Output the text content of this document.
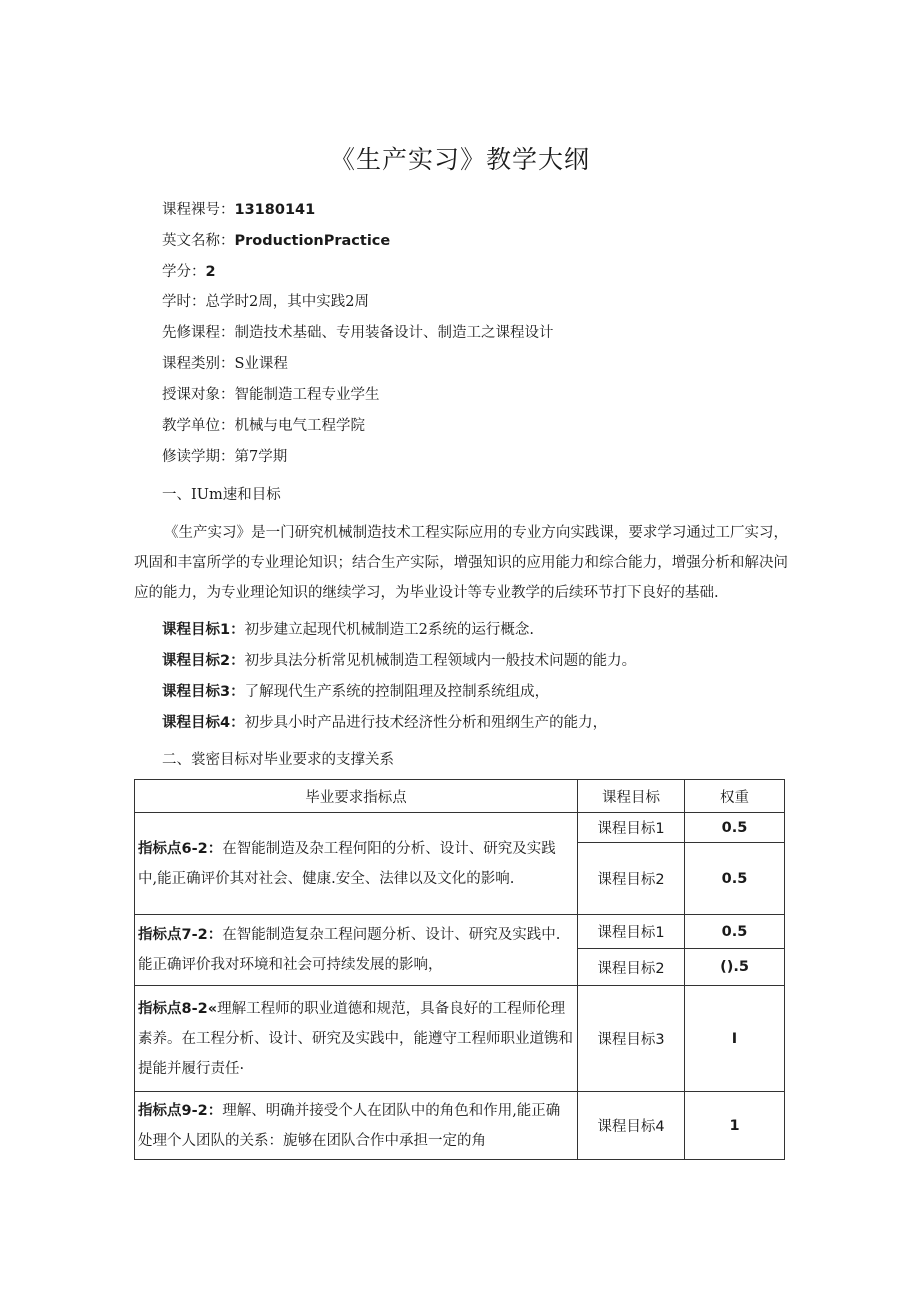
《生产实习》教学大纲
课程裸号：13180141
英文名称：ProductionPractice
学分：2
学时：总学时2周，其中实践2周
先修课程：制造技术基础、专用装备设计、制造工之课程设计
课程类别：S业课程
授课对象：智能制造工程专业学生
教学单位：机械与电气工程学院
修读学期：第7学期
一、IUm速和目标
《生产实习》是一门研究机械制造技术工程实际应用的专业方向实践课，要求学习通过工厂实习，巩固和丰富所学的专业理论知识；结合生产实际，增强知识的应用能力和综合能力，增强分析和解决问应的能力，为专业理论知识的继续学习，为毕业设计等专业教学的后续环节打下良好的基础.
课程目标1：初步建立起现代机械制造工2系统的运行概念.
课程目标2：初步具法分析常见机械制造工程领域内一般技术问题的能力。
课程目标3：了解现代生产系统的控制阻理及控制系统组成，
课程目标4：初步具小时产品进行技术经济性分析和殂纲生产的能力，
二、裳密目标对毕业要求的支撑关系
毕业要求指标点	课程目标	权重
指标点6-2：在智能制造及杂工程何阳的分析、设计、研究及实践中,能正确评价其对社会、健康.安全、法律以及文化的影响.	课程目标1	0.5
	课程目标2	0.5
指标点7-2：在智能制造复杂工程问题分析、设计、研究及实践中.能正确评价我对环境和社会可持续发展的影响，	课程目标1	0.5
	课程目标2	().5
指标点8-2«理解工程师的职业道德和规范，具备良好的工程师伦理素养。在工程分析、设计、研究及实践中，能遵守工程师职业道镌和提能并履行责任·	课程目标3	I
指标点9-2：理解、明确并接受个人在团队中的角色和作用,能正确处理个人团队的关系：旎够在团队合作中承担一定的角	课程目标4	1
